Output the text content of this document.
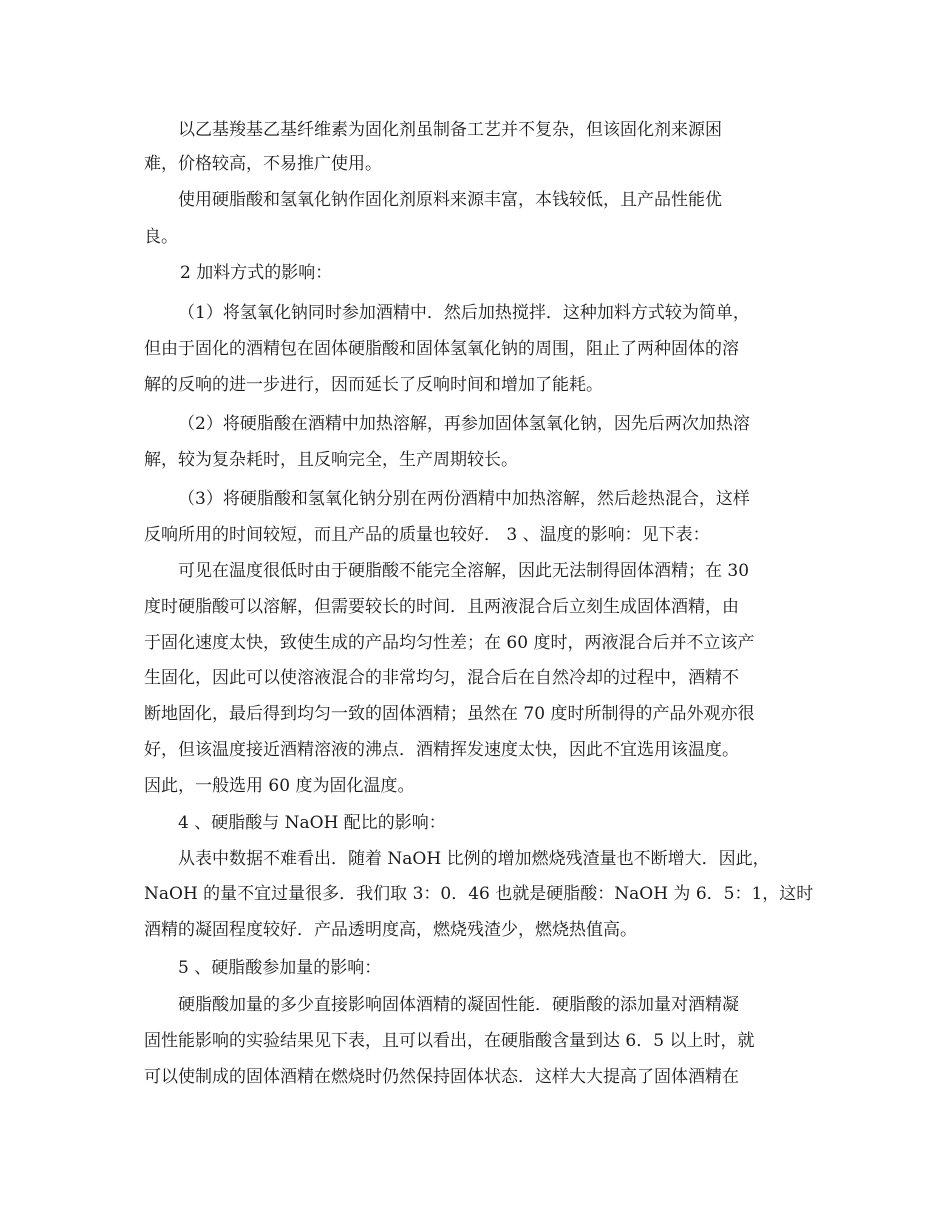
以乙基羧基乙基纤维素为固化剂虽制备工艺并不复杂，但该固化剂来源困
难，价格较高，不易推广使用。
使用硬脂酸和氢氧化钠作固化剂原料来源丰富，本钱较低，且产品性能优
良。
2 加料方式的影响：
（1）将氢氧化钠同时参加酒精中．然后加热搅拌．这种加料方式较为简单，
但由于固化的酒精包在固体硬脂酸和固体氢氧化钠的周围，阻止了两种固体的溶
解的反响的进一步进行，因而延长了反响时间和增加了能耗。
（2）将硬脂酸在酒精中加热溶解，再参加固体氢氧化钠，因先后两次加热溶
解，较为复杂耗时，且反响完全，生产周期较长。
（3）将硬脂酸和氢氧化钠分别在两份酒精中加热溶解，然后趁热混合，这样
反响所用的时间较短，而且产品的质量也较好． 3 、温度的影响：见下表：
可见在温度很低时由于硬脂酸不能完全溶解，因此无法制得固体酒精；在 30
度时硬脂酸可以溶解，但需要较长的时间．且两液混合后立刻生成固体酒精，由
于固化速度太快，致使生成的产品均匀性差；在 60 度时，两液混合后并不立该产
生固化，因此可以使溶液混合的非常均匀，混合后在自然冷却的过程中，酒精不
断地固化，最后得到均匀一致的固体酒精；虽然在 70 度时所制得的产品外观亦很
好，但该温度接近酒精溶液的沸点．酒精挥发速度太快，因此不宜选用该温度。
因此，一般选用 60 度为固化温度。
4 、硬脂酸与 NaOH 配比的影响：
从表中数据不难看出．随着 NaOH 比例的增加燃烧残渣量也不断增大．因此，
NaOH 的量不宜过量很多．我们取 3：0．46 也就是硬脂酸：NaOH 为 6．5：1，这时
酒精的凝固程度较好．产品透明度高，燃烧残渣少，燃烧热值高。
5 、硬脂酸参加量的影响：
硬脂酸加量的多少直接影响固体酒精的凝固性能．硬脂酸的添加量对酒精凝
固性能影响的实验结果见下表，且可以看出，在硬脂酸含量到达 6．5 以上时，就
可以使制成的固体酒精在燃烧时仍然保持固体状态．这样大大提高了固体酒精在
